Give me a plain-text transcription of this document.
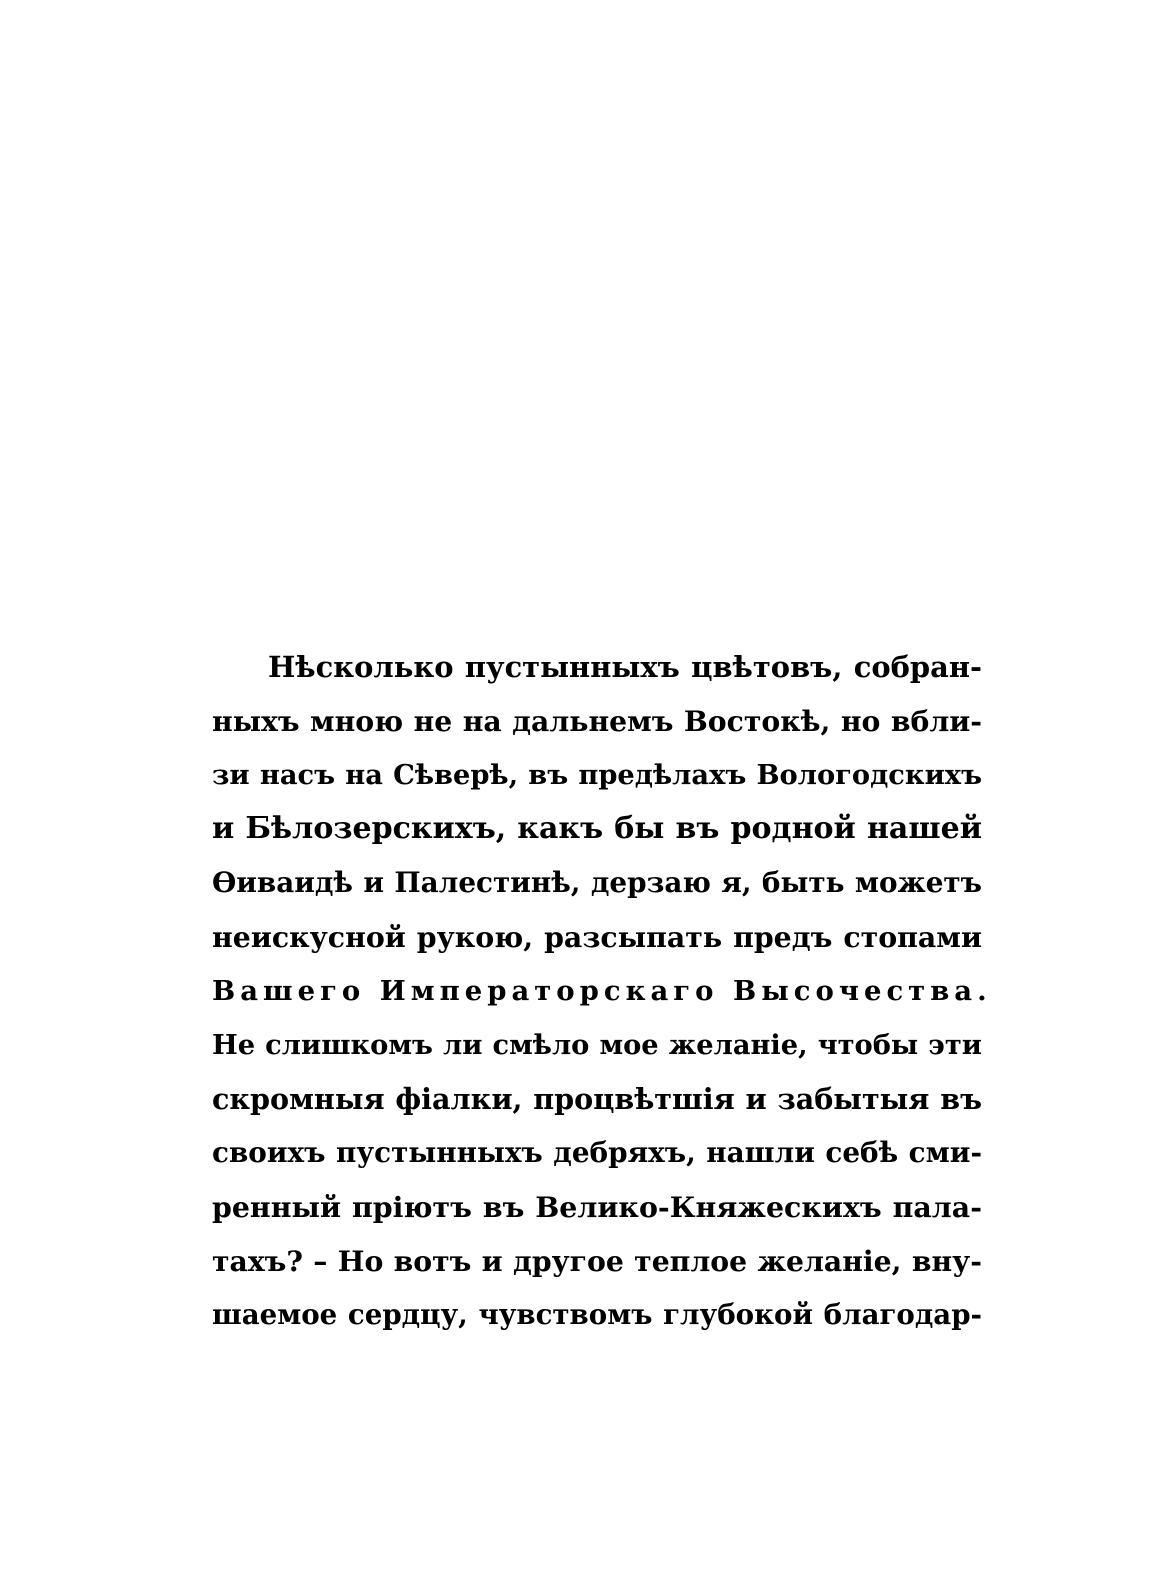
Нѣсколько пустынныхъ цвѣтовъ, собран-
ныхъ мною не на дальнемъ Востокѣ, но вбли-
зи насъ на Сѣверѣ, въ предѣлахъ Вологодскихъ
и Бѣлозерскихъ, какъ бы въ родной нашей
Ѳиваидѣ и Палестинѣ, дерзаю я, быть можетъ
неискусной рукою, разсыпать предъ стопами
Вашего Императорскаго Высочества.
Не слишкомъ ли смѣло мое желаніе, чтобы эти
скромныя фіалки, процвѣтшія и забытыя въ
своихъ пустынныхъ дебряхъ, нашли себѣ сми-
ренный пріютъ въ Велико-Княжескихъ пала-
тахъ? – Но вотъ и другое теплое желаніе, вну-
шаемое сердцу, чувствомъ глубокой благодар-
